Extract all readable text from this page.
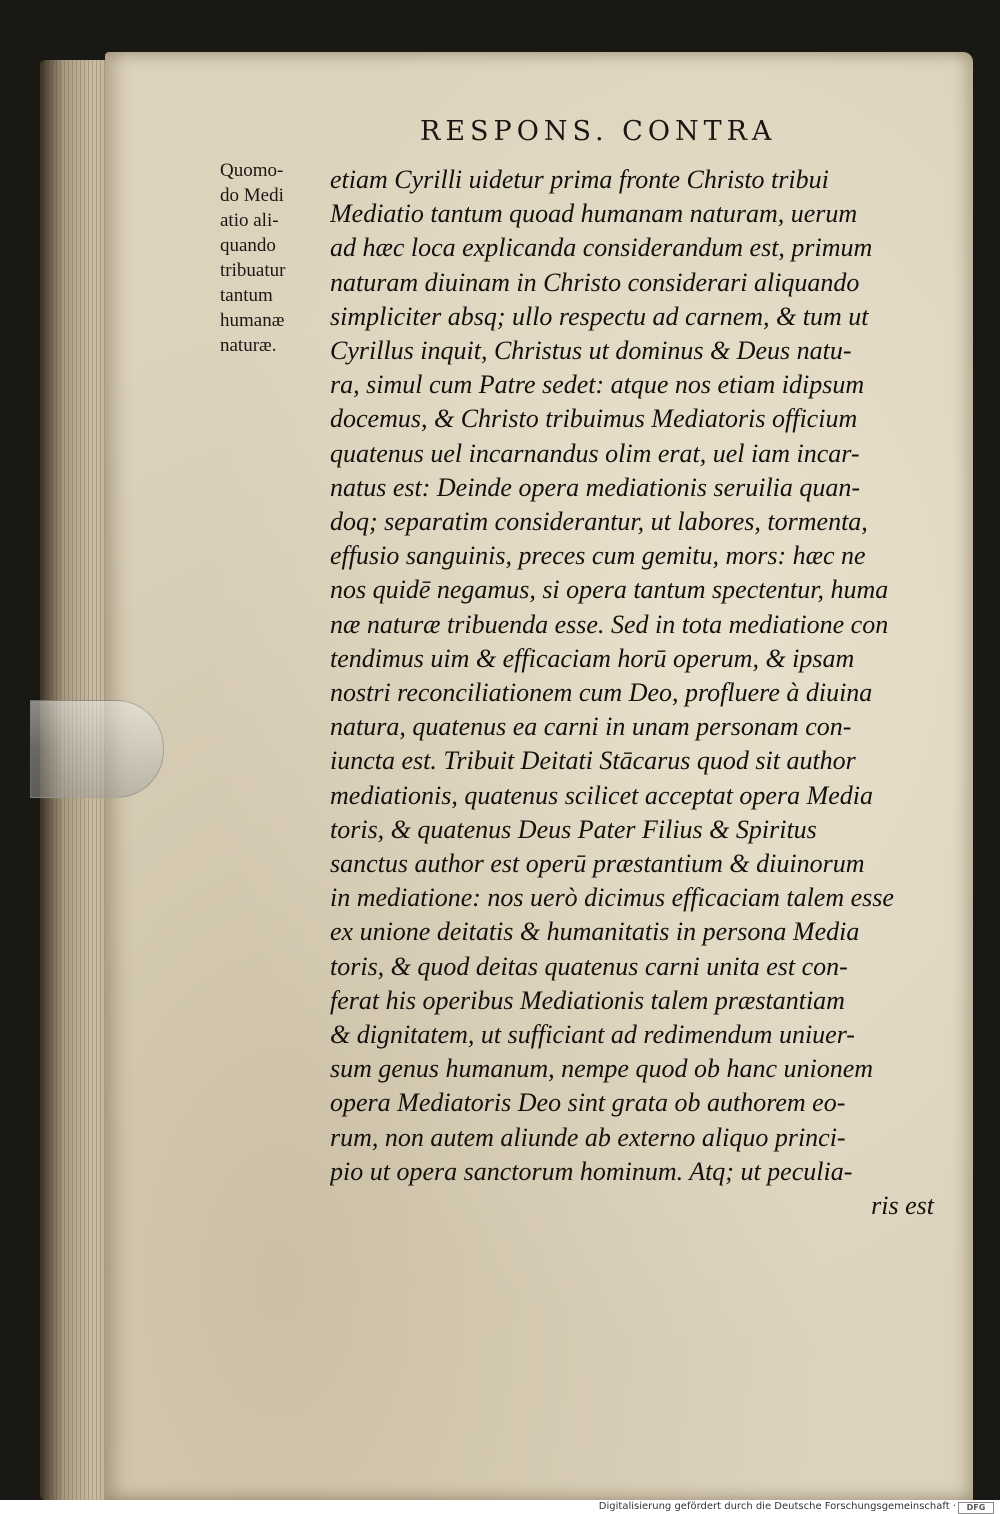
RESPONS. CONTRA
Quomo-
do Medi
atio ali-
quando
tribuatur
tantum
humanæ
naturæ.
etiam Cyrilli uidetur prima fronte Christo tribui
Mediatio tantum quoad humanam naturam, uerum
ad hæc loca explicanda considerandum est, primum
naturam diuinam in Christo considerari aliquando
simpliciter absq; ullo respectu ad carnem, & tum ut
Cyrillus inquit, Christus ut dominus & Deus natu-
ra, simul cum Patre sedet: atque nos etiam idipsum
docemus, & Christo tribuimus Mediatoris officium
quatenus uel incarnandus olim erat, uel iam incar-
natus est: Deinde opera mediationis seruilia quan-
doq; separatim considerantur, ut labores, tormenta,
effusio sanguinis, preces cum gemitu, mors: hæc ne
nos quidē negamus, si opera tantum spectentur, huma
næ naturæ tribuenda esse. Sed in tota mediatione con
tendimus uim & efficaciam horū operum, & ipsam
nostri reconciliationem cum Deo, profluere à diuina
natura, quatenus ea carni in unam personam con-
iuncta est. Tribuit Deitati Stācarus quod sit author
mediationis, quatenus scilicet acceptat opera Media
toris, & quatenus Deus Pater Filius & Spiritus
sanctus author est operū præstantium & diuinorum
in mediatione: nos uerò dicimus efficaciam talem esse
ex unione deitatis & humanitatis in persona Media
toris, & quod deitas quatenus carni unita est con-
ferat his operibus Mediationis talem præstantiam
& dignitatem, ut sufficiant ad redimendum uniuer-
sum genus humanum, nempe quod ob hanc unionem
opera Mediatoris Deo sint grata ob authorem eo-
rum, non autem aliunde ab externo aliquo princi-
pio ut opera sanctorum hominum. Atq; ut peculia-
ris est
Digitalisierung gefördert durch die Deutsche Forschungsgemeinschaft ·	DFG
